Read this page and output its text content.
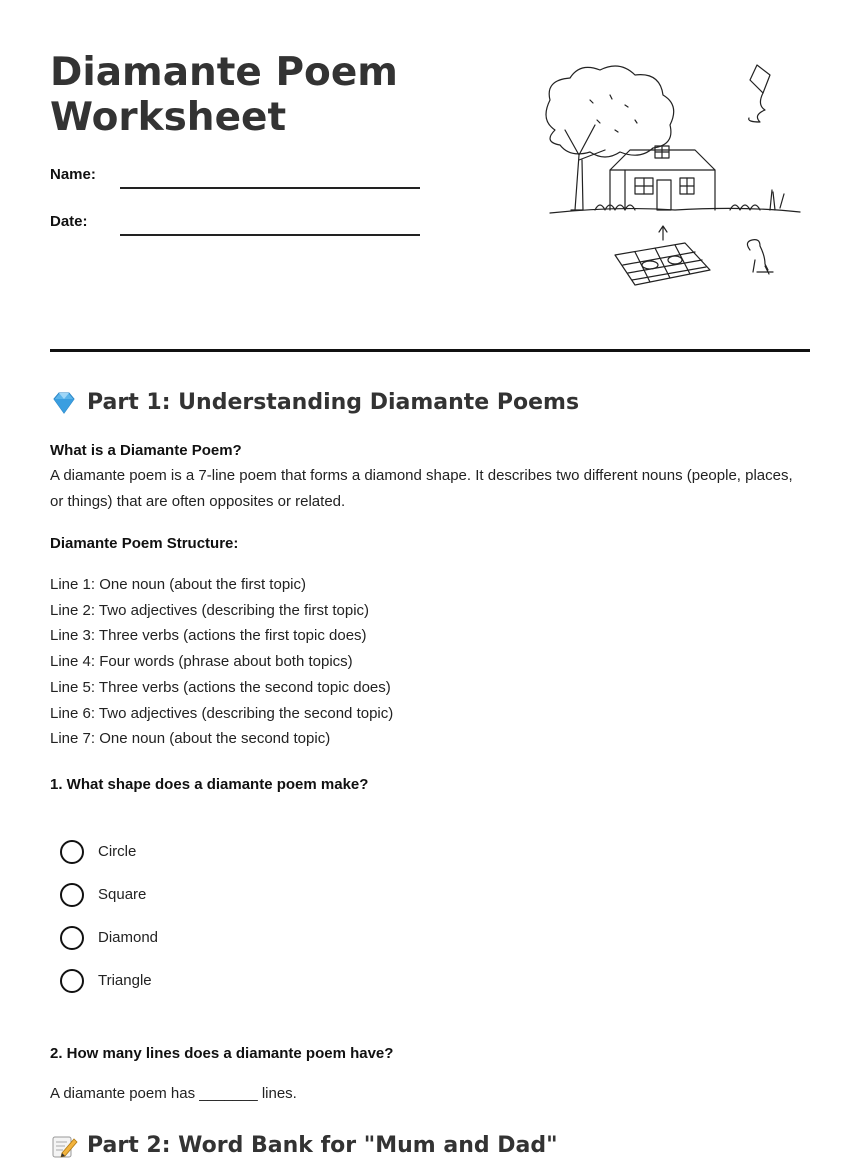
Diamante Poem Worksheet
Name:
Date:
Part 1: Understanding Diamante Poems
What is a Diamante Poem?
A diamante poem is a 7-line poem that forms a diamond shape. It describes two different nouns (people, places, or things) that are often opposites or related.
Diamante Poem Structure:
Line 1: One noun (about the first topic)
Line 2: Two adjectives (describing the first topic)
Line 3: Three verbs (actions the first topic does)
Line 4: Four words (phrase about both topics)
Line 5: Three verbs (actions the second topic does)
Line 6: Two adjectives (describing the second topic)
Line 7: One noun (about the second topic)
1. What shape does a diamante poem make?
Circle
Square
Diamond
Triangle
2. How many lines does a diamante poem have?
A diamante poem has _______ lines.
Part 2: Word Bank for "Mum and Dad"
